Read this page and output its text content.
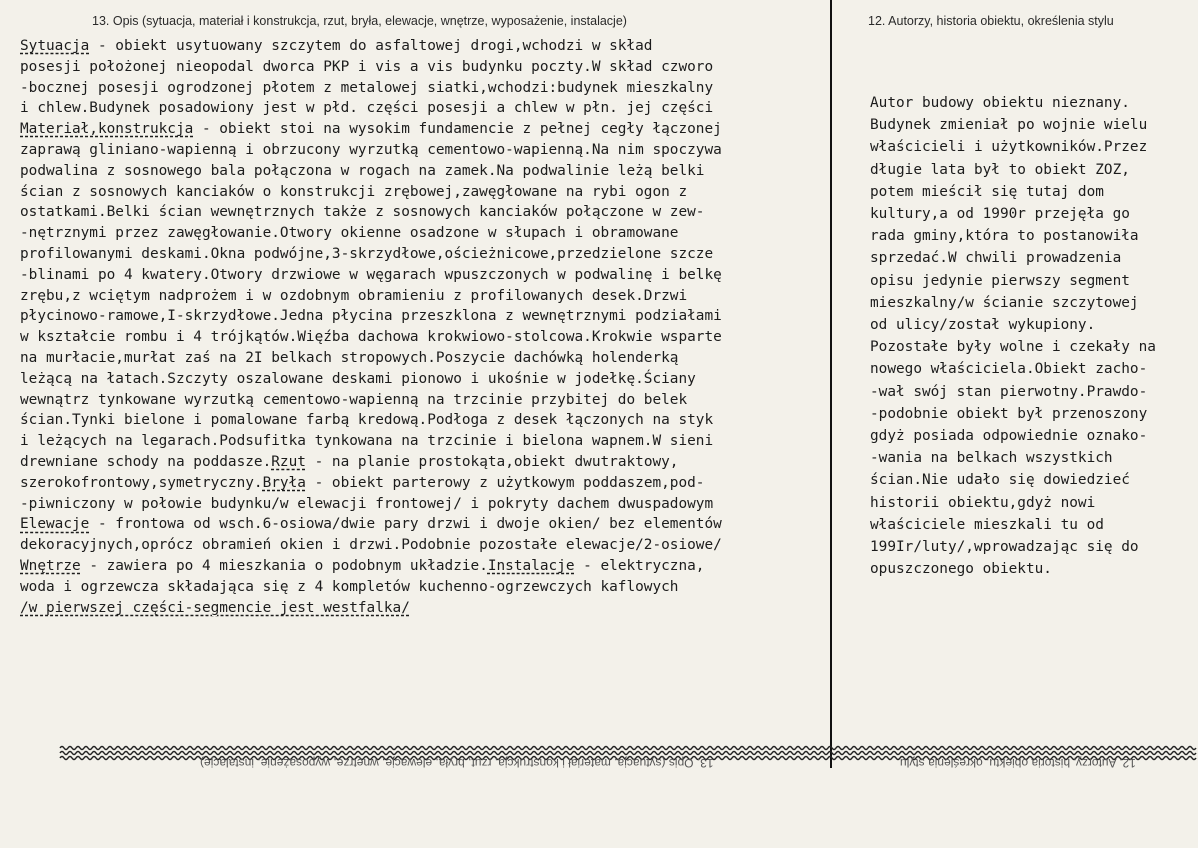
13. Opis (sytuacja, materiał i konstrukcja, rzut, bryła, elewacje, wnętrze, wyposażenie, instalacje)	12. Autorzy, historia obiektu, określenia stylu
Sytuacja - obiekt usytuowany szczytem do asfaltowej drogi,wchodzi w skład
posesji położonej nieopodal dworca PKP i vis a vis budynku poczty.W skład czworo
-bocznej posesji ogrodzonej płotem z metalowej siatki,wchodzi:budynek mieszkalny
i chlew.Budynek posadowiony jest w płd. części posesji a chlew w płn. jej części
Materiał,konstrukcja - obiekt stoi na wysokim fundamencie z pełnej cegły łączonej
zaprawą gliniano-wapienną i obrzucony wyrzutką cementowo-wapienną.Na nim spoczywa
podwalina z sosnowego bala połączona w rogach na zamek.Na podwalinie leżą belki
ścian z sosnowych kanciaków o konstrukcji zrębowej,zawęgłowane na rybi ogon z
ostatkami.Belki ścian wewnętrznych także z sosnowych kanciaków połączone w zew-
-nętrznymi przez zawęgłowanie.Otwory okienne osadzone w słupach i obramowane
profilowanymi deskami.Okna podwójne,3-skrzydłowe,ościeżnicowe,przedzielone szcze
-blinami po 4 kwatery.Otwory drzwiowe w węgarach wpuszczonych w podwalinę i belkę
zrębu,z wciętym nadprożem i w ozdobnym obramieniu z profilowanych desek.Drzwi
płycinowo-ramowe,I-skrzydłowe.Jedna płycina przeszklona z wewnętrznymi podziałami
w kształcie rombu i 4 trójkątów.Więźba dachowa krokwiowo-stolcowa.Krokwie wsparte
na murłacie,murłat zaś na 2I belkach stropowych.Poszycie dachówką holenderką
leżącą na łatach.Szczyty oszalowane deskami pionowo i ukośnie w jodełkę.Ściany
wewnątrz tynkowane wyrzutką cementowo-wapienną na trzcinie przybitej do belek
ścian.Tynki bielone i pomalowane farbą kredową.Podłoga z desek łączonych na styk
i leżących na legarach.Podsufitka tynkowana na trzcinie i bielona wapnem.W sieni
drewniane schody na poddasze.Rzut - na planie prostokąta,obiekt dwutraktowy,
szerokofrontowy,symetryczny.Bryła - obiekt parterowy z użytkowym poddaszem,pod-
-piwniczony w połowie budynku/w elewacji frontowej/ i pokryty dachem dwuspadowym
Elewacje - frontowa od wsch.6-osiowa/dwie pary drzwi i dwoje okien/ bez elementów
dekoracyjnych,oprócz obramień okien i drzwi.Podobnie pozostałe elewacje/2-osiowe/
Wnętrze - zawiera po 4 mieszkania o podobnym układzie.Instalacje - elektryczna,
woda i ogrzewcza składająca się z 4 kompletów kuchenno-ogrzewczych kaflowych
/w pierwszej części-segmencie jest westfalka/
Autor budowy obiektu nieznany.
Budynek zmieniał po wojnie wielu
właścicieli i użytkowników.Przez
długie lata był to obiekt ZOZ,
potem mieścił się tutaj dom
kultury,a od 1990r przejęła go
rada gminy,która to postanowiła
sprzedać.W chwili prowadzenia
opisu jedynie pierwszy segment
mieszkalny/w ścianie szczytowej
od ulicy/został wykupiony.
Pozostałe były wolne i czekały na
nowego właściciela.Obiekt zacho-
-wał swój stan pierwotny.Prawdo-
-podobnie obiekt był przenoszony
gdyż posiada odpowiednie oznako-
-wania na belkach wszystkich
ścian.Nie udało się dowiedzieć
historii obiektu,gdyż nowi
właściciele mieszkali tu od
199Ir/luty/,wprowadzając się do
opuszczonego obiektu.
13. Opis (sytuacja, materiał i konstrukcja, rzut, bryła, elewacje, wnętrze, wyposażenie, instalacje)	12. Autorzy, historia obiektu, określenia stylu
